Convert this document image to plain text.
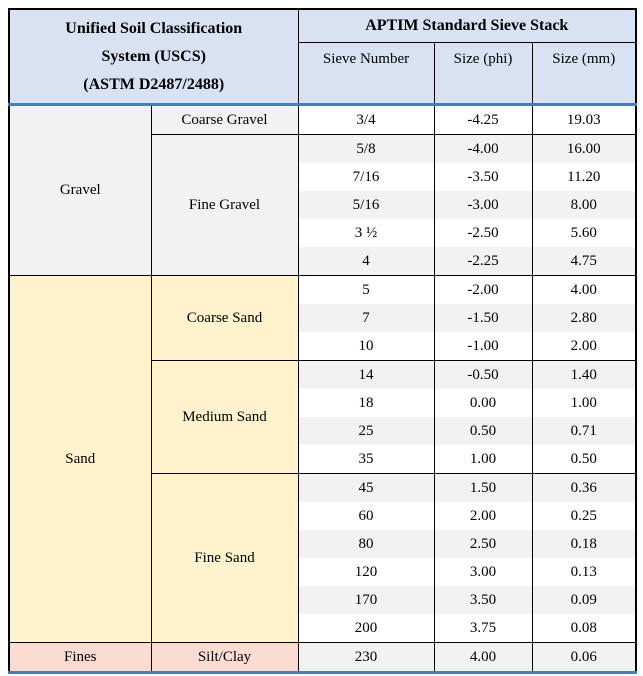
Unified Soil Classification
System (USCS)
(ASTM D2487/2488)		APTIM Standard Sieve Stack		
		Sieve Number	Size (phi)	Size (mm)
Gravel	Coarse Gravel	3/4	-4.25	19.03
	Fine Gravel	5/8	-4.00	16.00
		7/16	-3.50	11.20
		5/16	-3.00	8.00
		3 ½	-2.50	5.60
		4	-2.25	4.75
Sand	Coarse Sand	5	-2.00	4.00
		7	-1.50	2.80
		10	-1.00	2.00
	Medium Sand	14	-0.50	1.40
		18	0.00	1.00
		25	0.50	0.71
		35	1.00	0.50
	Fine Sand	45	1.50	0.36
		60	2.00	0.25
		80	2.50	0.18
		120	3.00	0.13
		170	3.50	0.09
		200	3.75	0.08
Fines	Silt/Clay	230	4.00	0.06
